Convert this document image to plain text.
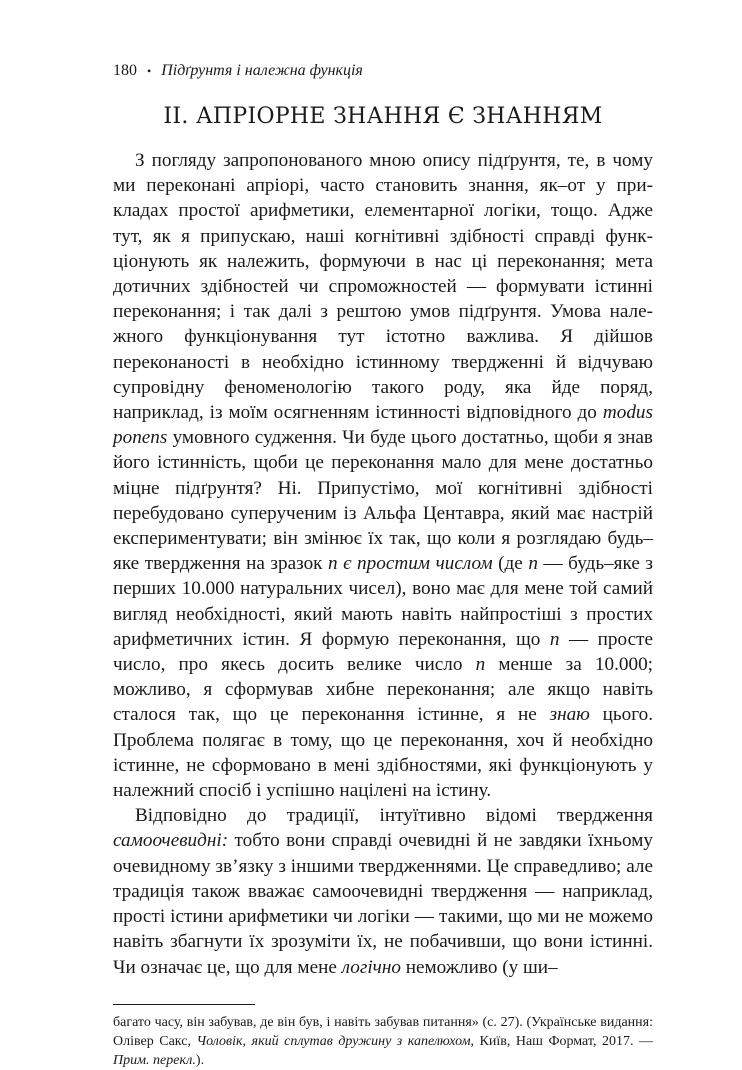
180 • Підґрунтя і належна функція
ІІ. АПРІОРНЕ ЗНАННЯ Є ЗНАННЯМ

З погляду запропонованого мною опису підґрунтя, те, в чому ми переконані апріорі, часто становить знання, як–от у прикладах простої арифметики, елементарної логіки, тощо. Адже тут, як я припускаю, наші когнітивні здібності справді функціонують як належить, формуючи в нас ці переконання; мета дотичних здібностей чи спроможностей — формувати істинні переконання; і так далі з рештою умов підґрунтя. Умова належного функціонування тут істотно важлива. Я дійшов переконаності в необхідно істинному твердженні й відчуваю супровідну феноменологію такого роду, яка йде поряд, наприклад, із моїм осягненням істинності відповідного до modus ponens умовного судження. Чи буде цього достатньо, щоби я знав його істинність, щоби це переконання мало для мене достатньо міцне підґрунтя? Ні. Припустімо, мої когнітивні здібності перебудовано суперученим із Альфа Центавра, який має настрій експериментувати; він змінює їх так, що коли я розглядаю будь–яке твердження на зразок n є простим числом (де n — будь–яке з перших 10.000 натуральних чисел), воно має для мене той самий вигляд необхідності, який мають навіть найпростіші з простих арифметичних істин. Я формую переконання, що n — просте число, про якесь досить велике число n менше за 10.000; можливо, я сформував хибне переконання; але якщо навіть сталося так, що це переконання істинне, я не знаю цього. Проблема полягає в тому, що це переконання, хоч й необхідно істинне, не сформовано в мені здібностями, які функціонують у належний спосіб і успішно націлені на істину.

Відповідно до традиції, інтуїтивно відомі твердження самоочевидні: тобто вони справді очевидні й не завдяки їхньому очевидному зв’язку з іншими твердженнями. Це справедливо; але традиція також вважає самоочевидні твердження — наприклад, прості істини арифметики чи логіки — такими, що ми не можемо навіть збагнути їх зрозуміти їх, не побачивши, що вони істинні. Чи означає це, що для мене логічно неможливо (у ши–

багато часу, він забував, де він був, і навіть забував питання» (с. 27). (Українське видання: Олівер Сакс, Чоловік, який сплутав дружину з капелюхом, Київ, Наш Формат, 2017. — Прим. перекл.).
